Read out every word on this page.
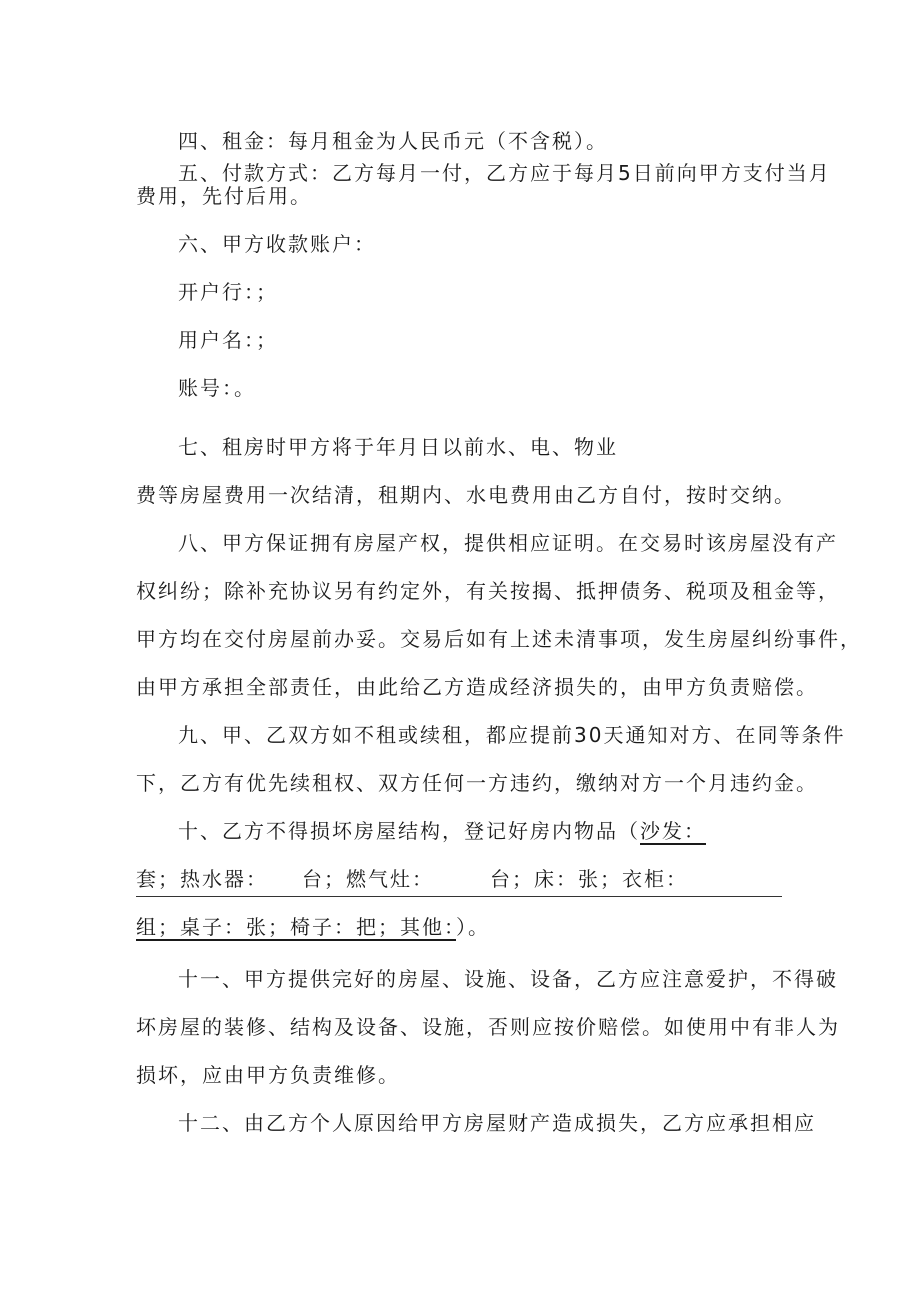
四、租金：每月租金为人民币元（不含税）。
五、付款方式：乙方每月一付，乙方应于每月5日前向甲方支付当月
费用，先付后用。
六、甲方收款账户：
开户行：；
用户名：；
账号：。
七、租房时甲方将于年月日以前水、电、物业
费等房屋费用一次结清，租期内、水电费用由乙方自付，按时交纳。
八、甲方保证拥有房屋产权，提供相应证明。在交易时该房屋没有产
权纠纷；除补充协议另有约定外，有关按揭、抵押债务、税项及租金等，
甲方均在交付房屋前办妥。交易后如有上述未清事项，发生房屋纠纷事件，
由甲方承担全部责任，由此给乙方造成经济损失的，由甲方负责赔偿。
九、甲、乙双方如不租或续租，都应提前30天通知对方、在同等条件
下，乙方有优先续租权、双方任何一方违约，缴纳对方一个月违约金。
十、乙方不得损坏房屋结构，登记好房内物品（沙发：
套；热水器：　　台；燃气灶：　　　台；床：张；衣柜：
组；桌子：张；椅子：把；其他：）。
十一、甲方提供完好的房屋、设施、设备，乙方应注意爱护，不得破
坏房屋的装修、结构及设备、设施，否则应按价赔偿。如使用中有非人为
损坏，应由甲方负责维修。
十二、由乙方个人原因给甲方房屋财产造成损失，乙方应承担相应
